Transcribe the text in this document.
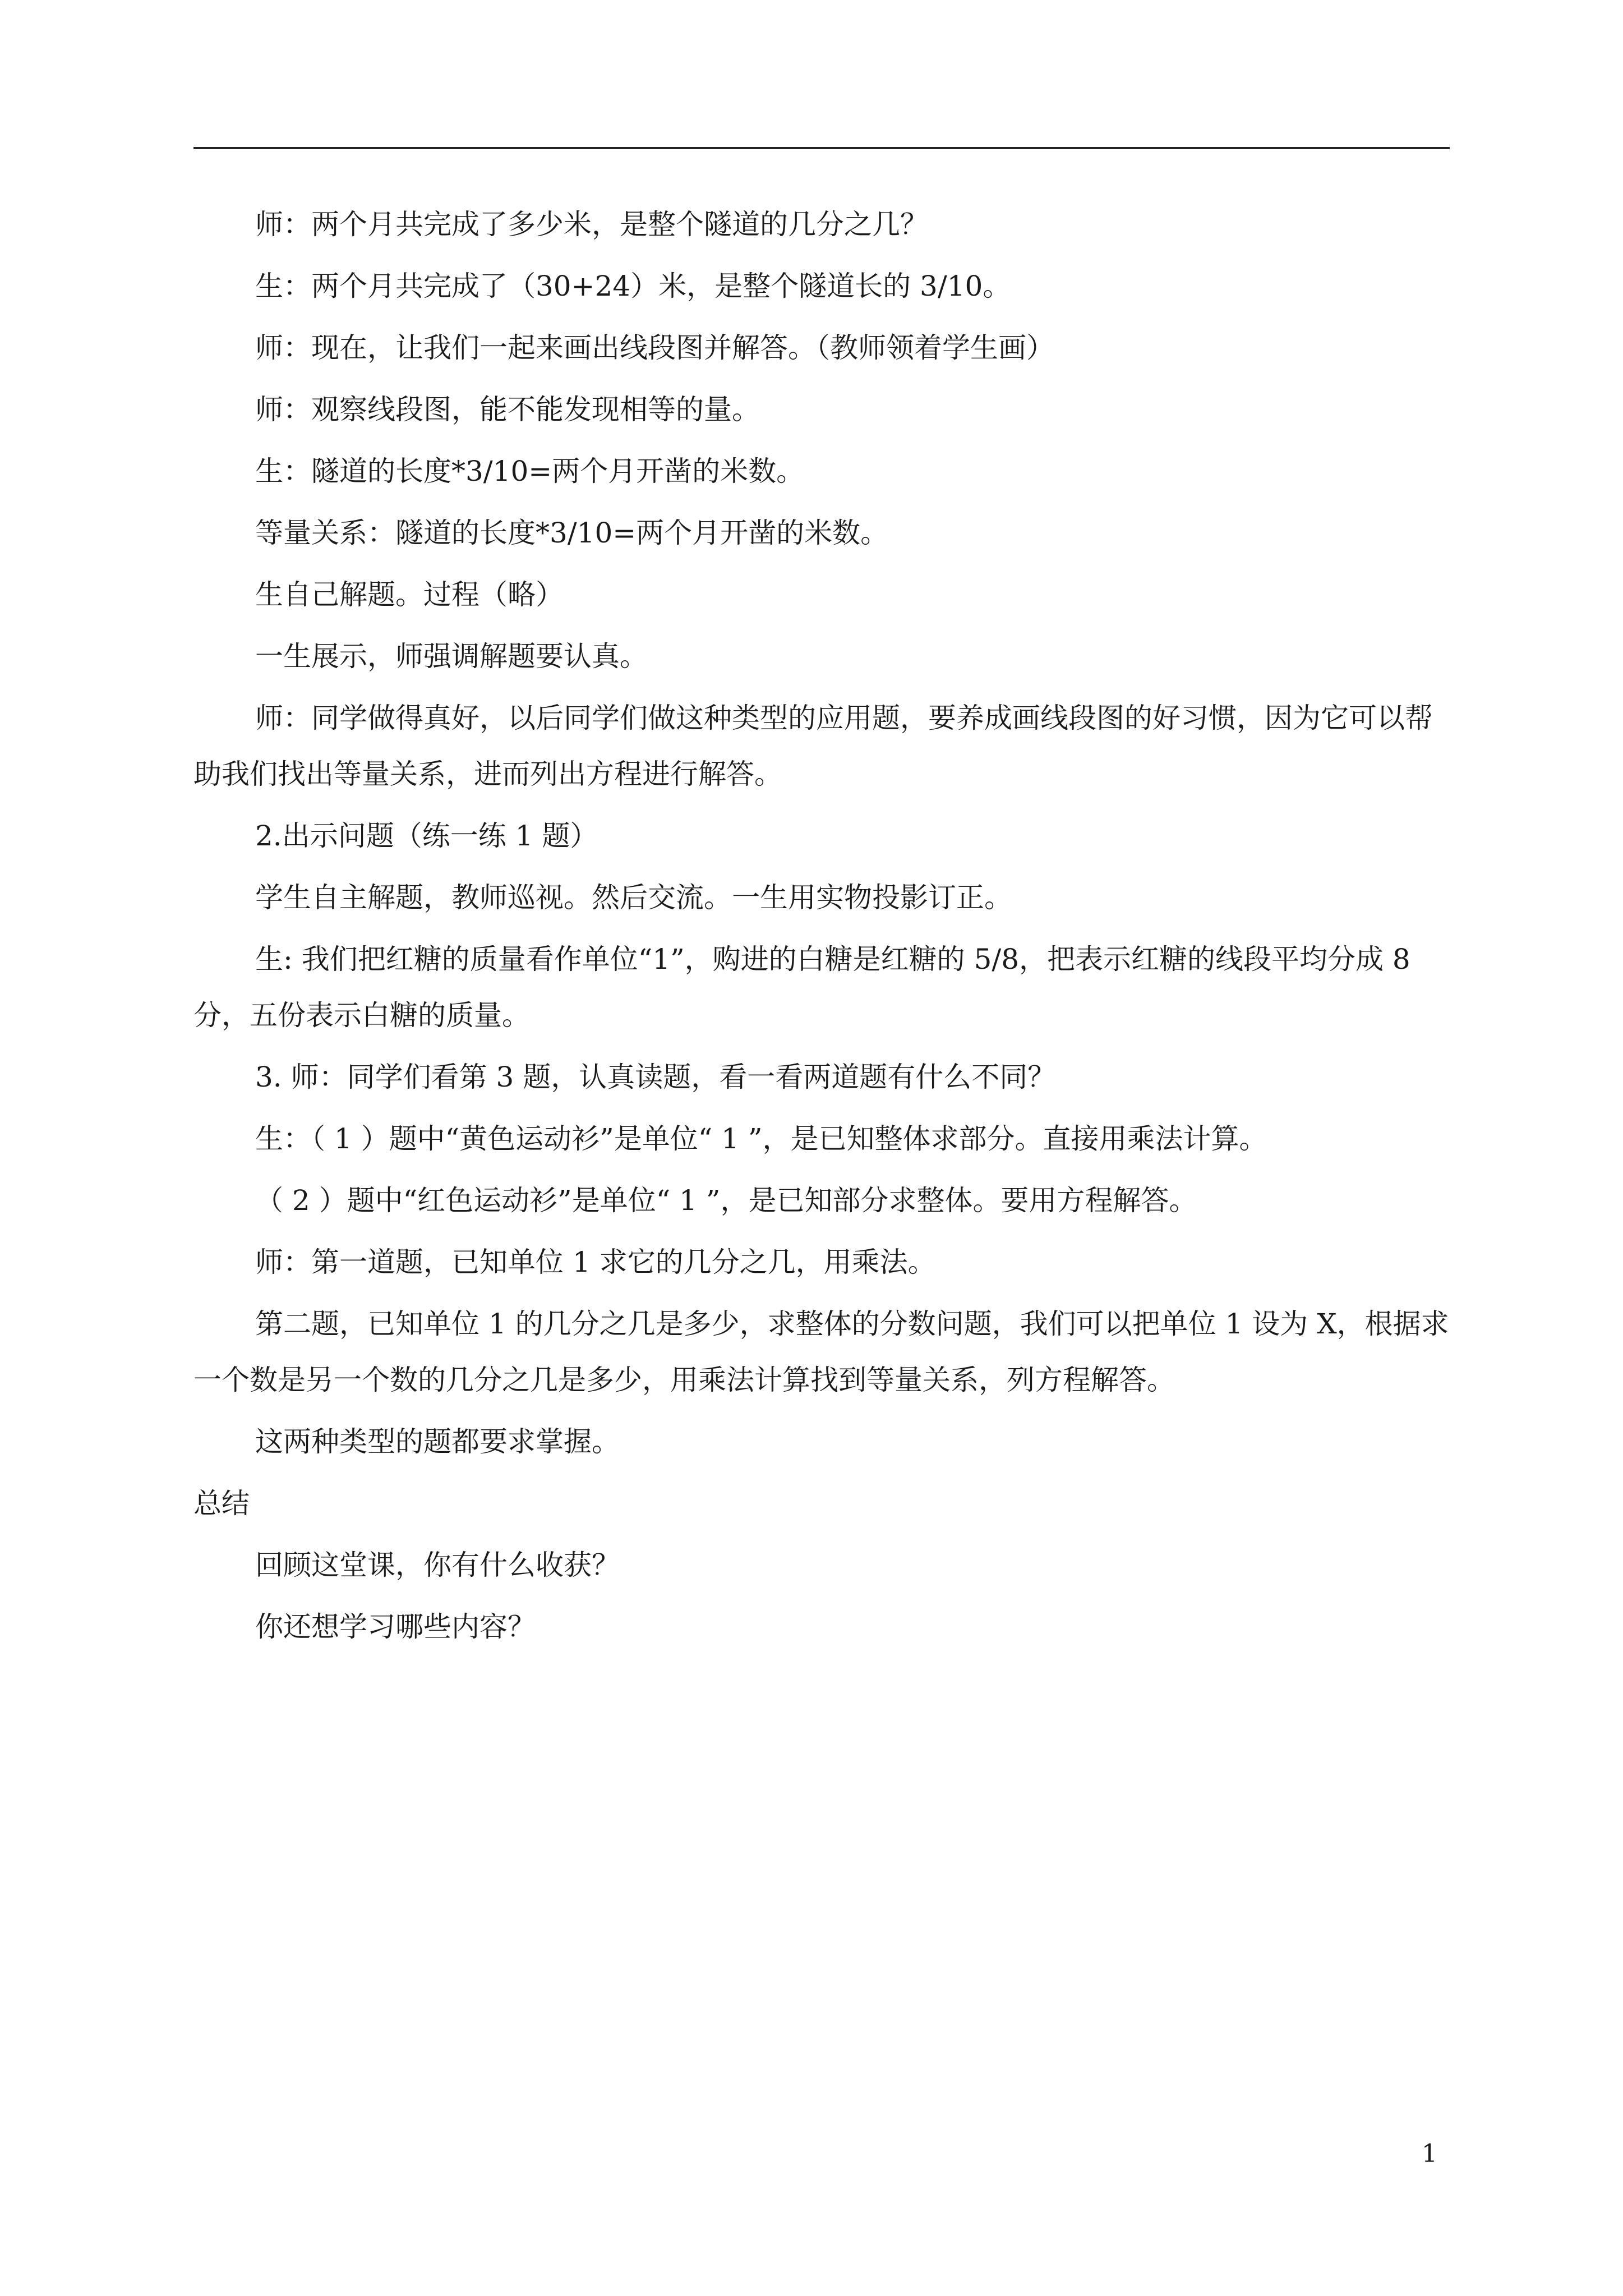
师：两个月共完成了多少米，是整个隧道的几分之几？

生：两个月共完成了（30+24）米，是整个隧道长的 3/10。

师：现在，让我们一起来画出线段图并解答。（教师领着学生画）

师：观察线段图，能不能发现相等的量。

生：隧道的长度*3/10=两个月开凿的米数。

等量关系：隧道的长度*3/10=两个月开凿的米数。

生自己解题。过程（略）

一生展示，师强调解题要认真。

师：同学做得真好，以后同学们做这种类型的应用题，要养成画线段图的好习惯，因为它可以帮助我们找出等量关系，进而列出方程进行解答。

2.出示问题（练一练 1 题）

学生自主解题，教师巡视。然后交流。一生用实物投影订正。

生: 我们把红糖的质量看作单位“1”，购进的白糖是红糖的 5/8，把表示红糖的线段平均分成 8 分，五份表示白糖的质量。

3. 师：同学们看第 3 题，认真读题，看一看两道题有什么不同？

生：（ 1 ）题中“黄色运动衫”是单位“ 1 ”，是已知整体求部分。直接用乘法计算。

（ 2 ）题中“红色运动衫”是单位“ 1 ”，是已知部分求整体。要用方程解答。

师：第一道题，已知单位 1 求它的几分之几，用乘法。

第二题，已知单位 1 的几分之几是多少，求整体的分数问题，我们可以把单位 1 设为 X，根据求一个数是另一个数的几分之几是多少，用乘法计算找到等量关系，列方程解答。

这两种类型的题都要求掌握。

总结

回顾这堂课，你有什么收获？

你还想学习哪些内容？

1
